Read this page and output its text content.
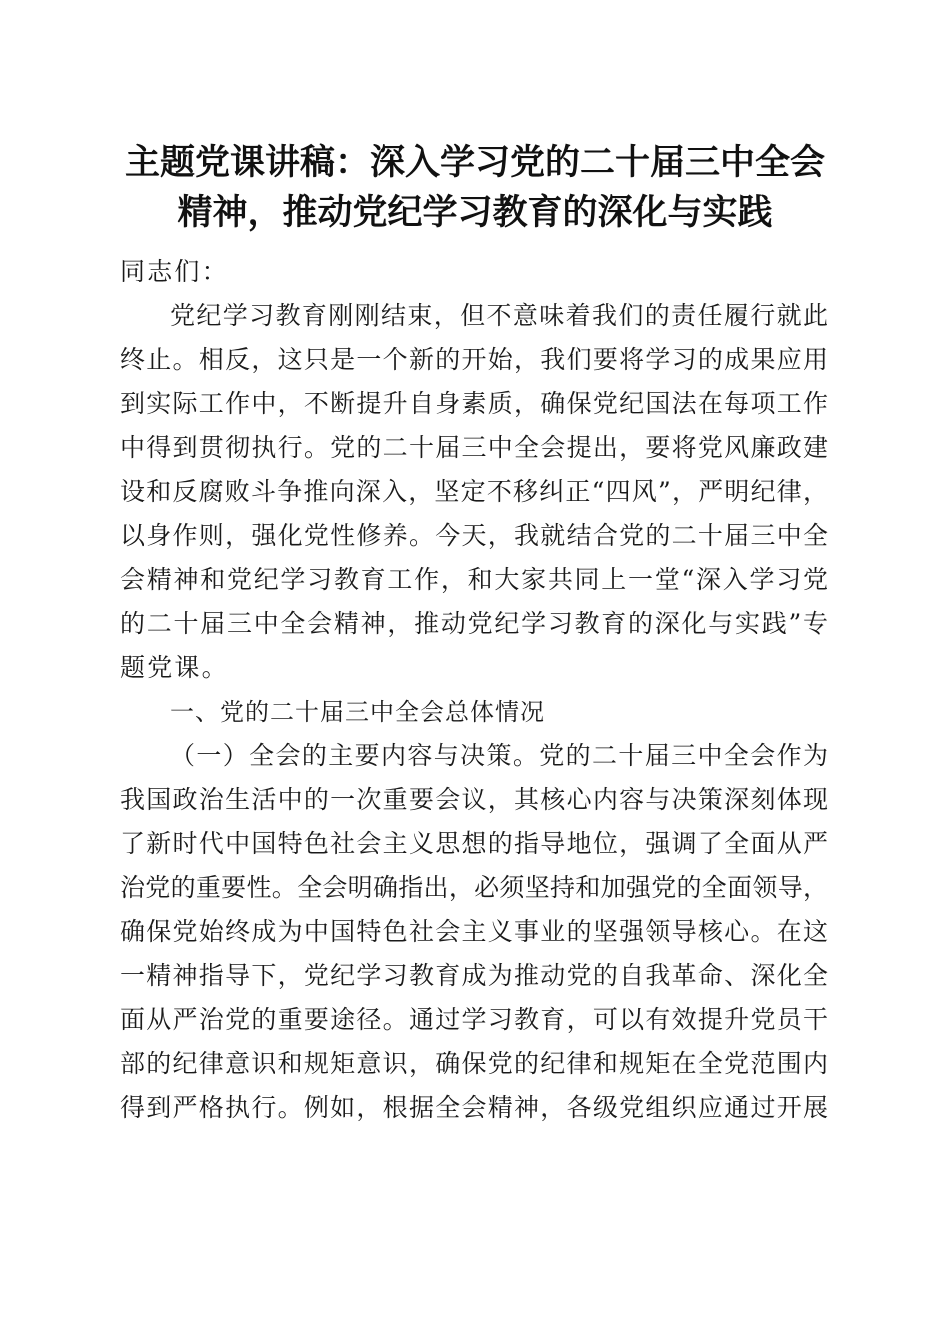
主题党课讲稿：深入学习党的二十届三中全会
精神，推动党纪学习教育的深化与实践
同志们：
党纪学习教育刚刚结束，但不意味着我们的责任履行就此
终止。相反，这只是一个新的开始，我们要将学习的成果应用
到实际工作中，不断提升自身素质，确保党纪国法在每项工作
中得到贯彻执行。党的二十届三中全会提出，要将党风廉政建
设和反腐败斗争推向深入，坚定不移纠正“四风”，严明纪律，
以身作则，强化党性修养。今天，我就结合党的二十届三中全
会精神和党纪学习教育工作，和大家共同上一堂“深入学习党
的二十届三中全会精神，推动党纪学习教育的深化与实践”专
题党课。
一、党的二十届三中全会总体情况
（一）全会的主要内容与决策。党的二十届三中全会作为
我国政治生活中的一次重要会议，其核心内容与决策深刻体现
了新时代中国特色社会主义思想的指导地位，强调了全面从严
治党的重要性。全会明确指出，必须坚持和加强党的全面领导，
确保党始终成为中国特色社会主义事业的坚强领导核心。在这
一精神指导下，党纪学习教育成为推动党的自我革命、深化全
面从严治党的重要途径。通过学习教育，可以有效提升党员干
部的纪律意识和规矩意识，确保党的纪律和规矩在全党范围内
得到严格执行。例如，根据全会精神，各级党组织应通过开展
